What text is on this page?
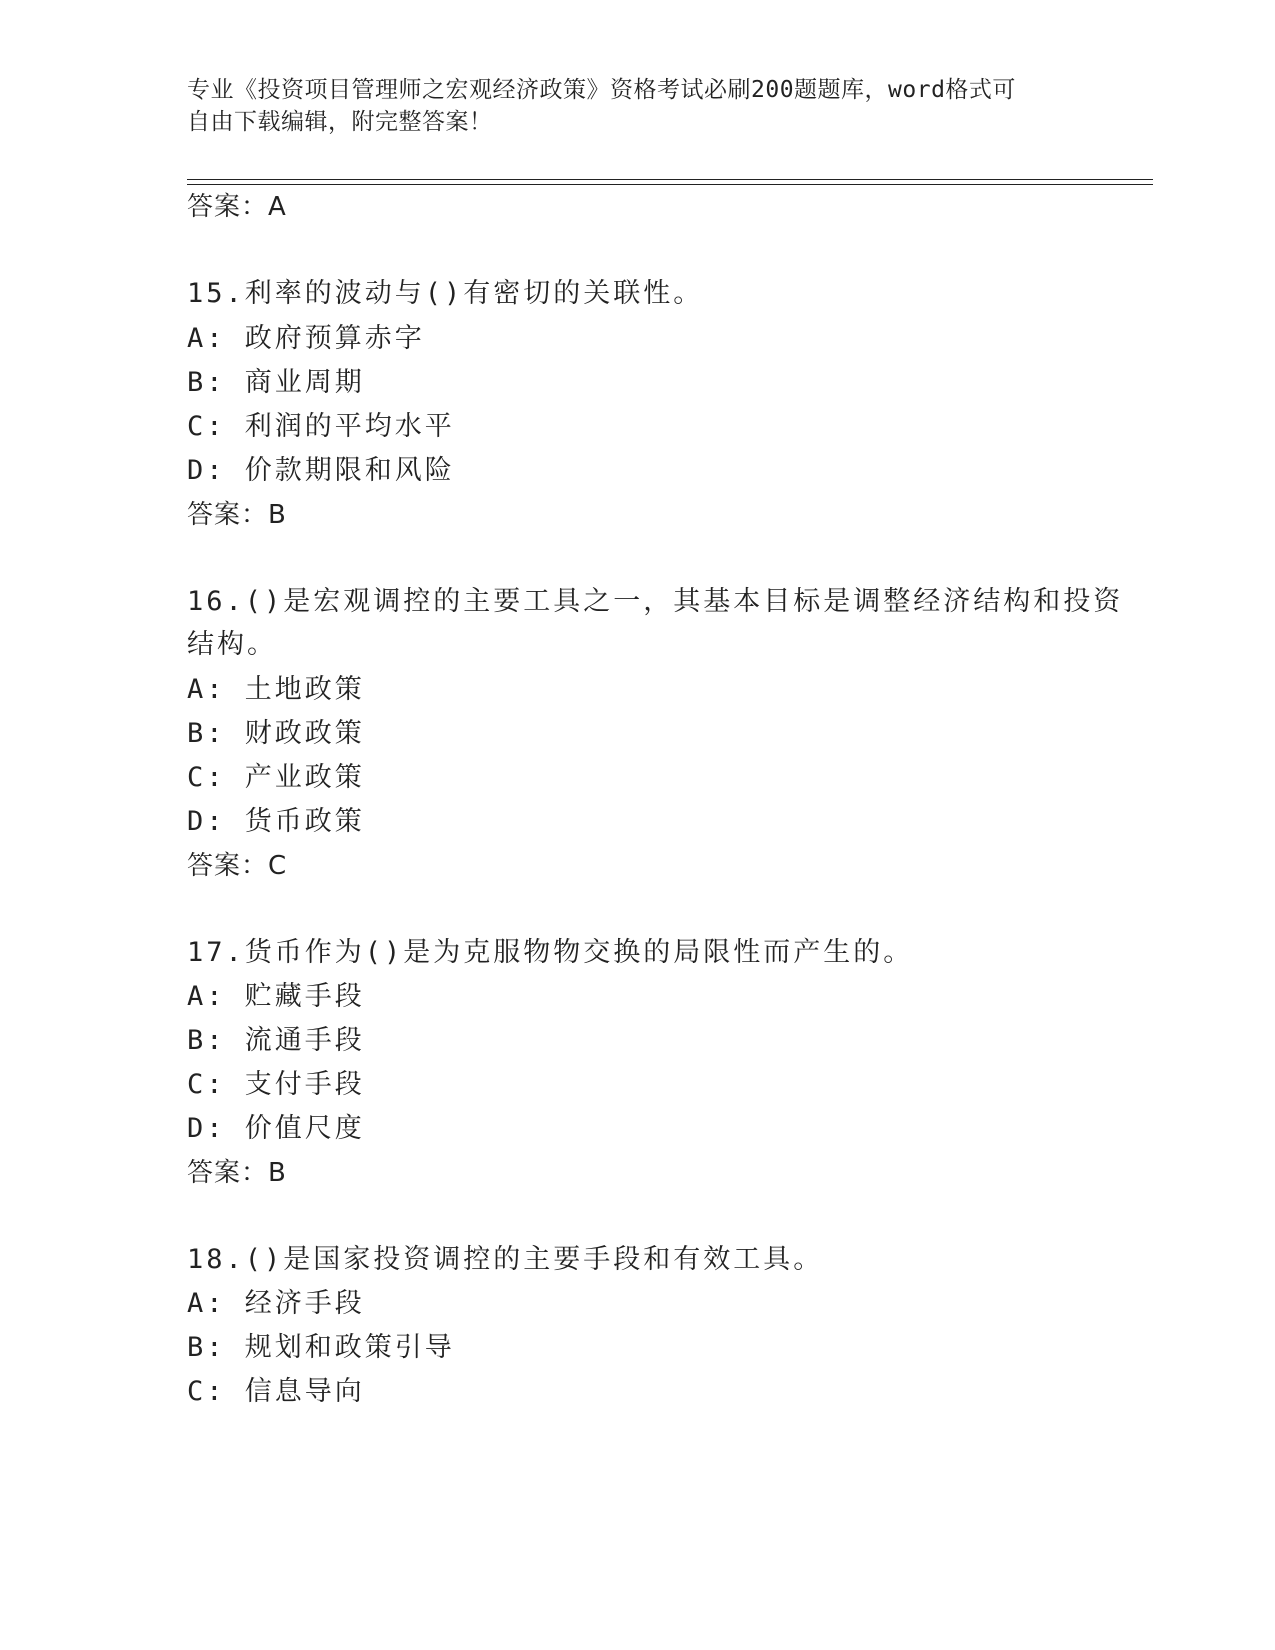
专业《投资项目管理师之宏观经济政策》资格考试必刷200题题库，word格式可
自由下载编辑，附完整答案！
答案：A
15.利率的波动与()有密切的关联性。
A: 政府预算赤字
B: 商业周期
C: 利润的平均水平
D: 价款期限和风险
答案：B
16.()是宏观调控的主要工具之一，其基本目标是调整经济结构和投资
结构。
A: 土地政策
B: 财政政策
C: 产业政策
D: 货币政策
答案：C
17.货币作为()是为克服物物交换的局限性而产生的。
A: 贮藏手段
B: 流通手段
C: 支付手段
D: 价值尺度
答案：B
18.()是国家投资调控的主要手段和有效工具。
A: 经济手段
B: 规划和政策引导
C: 信息导向
